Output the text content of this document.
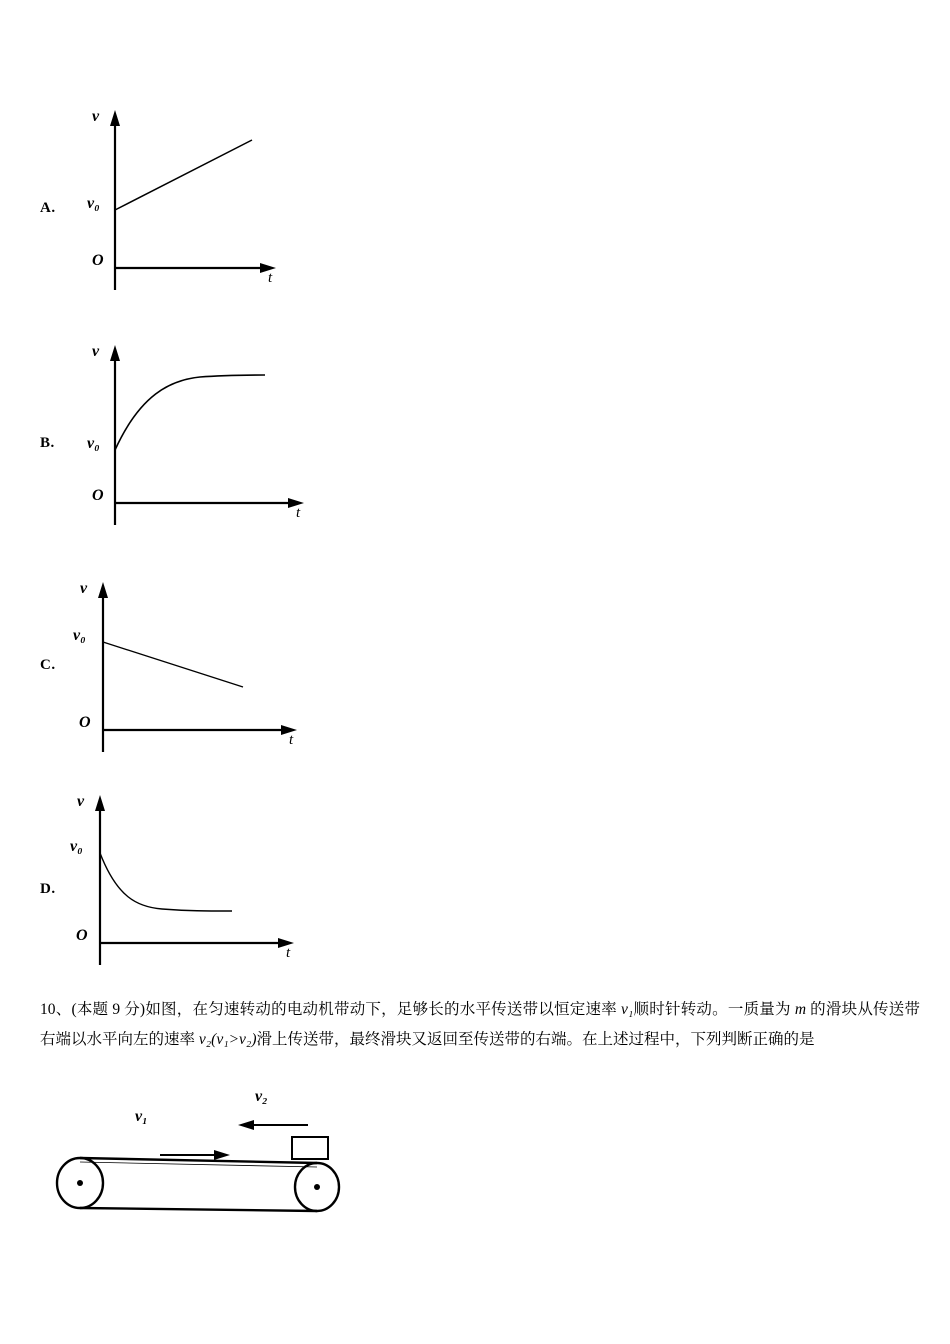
A.
v
t
O
v₀
B.
v
t
O
v₀
C.
v
t
O
v₀
D.
v
t
O
v₀
10、(本题 9 分)如图，在匀速转动的电动机带动下，足够长的水平传送带以恒定速率 v₁顺时针转动。一质量为 m 的滑块从传送带右端以水平向左的速率 v₂(v₁>v₂)滑上传送带，最终滑块又返回至传送带的右端。在上述过程中，下列判断正确的是
v₁
v₂
